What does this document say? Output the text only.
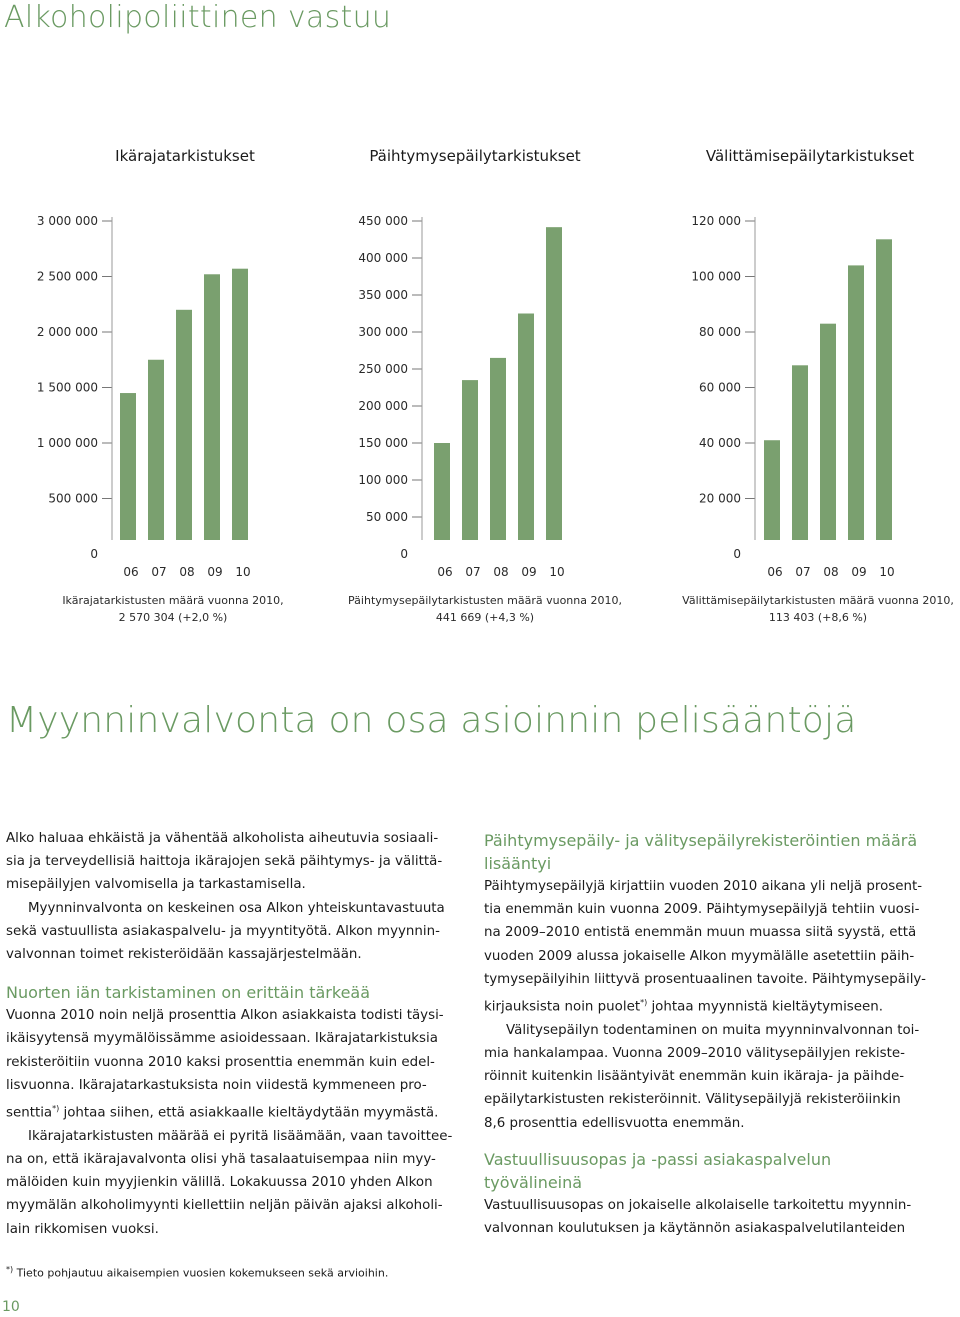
Alkoholipoliittinen vastuu
Ikärajatarkistukset	Päihtymysepäilytarkistukset	Välittämisepäilytarkistukset
3 000 000
2 500 000
2 000 000
1 500 000
1 000 000
500 000
0
06 07 08 09 10
Ikärajatarkistusten määrä vuonna 2010,
2 570 304 (+2,0 %)
450 000
400 000
350 000
300 000
250 000
200 000
150 000
100 000
50 000
0
06 07 08 09 10
Päihtymysepäilytarkistusten määrä vuonna 2010,
441 669 (+4,3 %)
120 000
100 000
80 000
60 000
40 000
20 000
0
06 07 08 09 10
Välittämisepäilytarkistusten määrä vuonna 2010,
113 403 (+8,6 %)
Myynninvalvonta on osa asioinnin pelisääntöjä

Alko haluaa ehkäistä ja vähentää alkoholista aiheutuvia sosiaali-

sia ja terveydellisiä haittoja ikärajojen sekä päihtymys- ja välittä-

misepäilyjen valvomisella ja tarkastamisella.

Myynninvalvonta on keskeinen osa Alkon yhteiskuntavastuuta

sekä vastuullista asiakaspalvelu- ja myyntityötä. Alkon myynnin-

valvonnan toimet rekisteröidään kassajärjestelmään.

Nuorten iän tarkistaminen on erittäin tärkeää

Vuonna 2010 noin neljä prosenttia Alkon asiakkaista todisti täysi-

ikäisyytensä myymälöissämme asioidessaan. Ikärajatarkistuksia

rekisteröitiin vuonna 2010 kaksi prosenttia enemmän kuin edel-

lisvuonna. Ikärajatarkastuksista noin viidestä kymmeneen pro-

senttia*) johtaa siihen, että asiakkaalle kieltäydytään myymästä.

Ikärajatarkistusten määrää ei pyritä lisäämään, vaan tavoittee-

na on, että ikärajavalvonta olisi yhä tasalaatuisempaa niin myy-

mälöiden kuin myyjienkin välillä. Lokakuussa 2010 yhden Alkon

myymälän alkoholimyynti kiellettiin neljän päivän ajaksi alkoholi-

lain rikkomisen vuoksi.

Päihtymysepäily- ja välitysepäilyrekisteröintien määrä
lisääntyi

Päihtymysepäilyjä kirjattiin vuoden 2010 aikana yli neljä prosent-

tia enemmän kuin vuonna 2009. Päihtymysepäilyjä tehtiin vuosi-

na 2009–2010 entistä enemmän muun muassa siitä syystä, että

vuoden 2009 alussa jokaiselle Alkon myymälälle asetettiin päih-

tymysepäilyihin liittyvä prosentuaalinen tavoite. Päihtymysepäily-

kirjauksista noin puolet*) johtaa myynnistä kieltäytymiseen.

Välitysepäilyn todentaminen on muita myynninvalvonnan toi-

mia hankalampaa. Vuonna 2009–2010 välitysepäilyjen rekiste-

röinnit kuitenkin lisääntyivät enemmän kuin ikäraja- ja päihde-

epäilytarkistusten rekisteröinnit. Välitysepäilyjä rekisteröiinkin

8,6 prosenttia edellisvuotta enemmän.

Vastuullisuusopas ja -passi asiakaspalvelun
työvälineinä

Vastuullisuusopas on jokaiselle alkolaiselle tarkoitettu myynnin-

valvonnan koulutuksen ja käytännön asiakaspalvelutilanteiden

*) Tieto pohjautuu aikaisempien vuosien kokemukseen sekä arvioihin.
10
